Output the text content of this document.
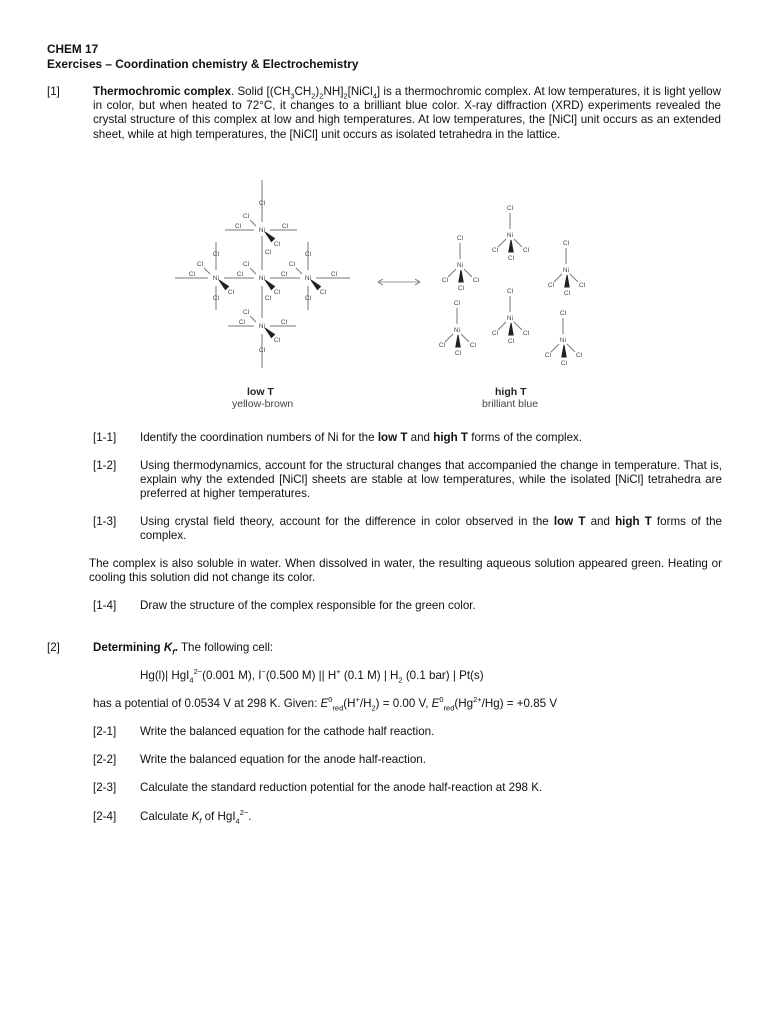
CHEM 17
Exercises – Coordination chemistry & Electrochemistry
[1]	Thermochromic complex. Solid $[(CH_3CH_2)_2NH]_2[NiCl_4]$ is a thermochromic complex. At low temperatures, it is light yellow in color, but when heated to 72°C, it changes to a brilliant blue color. X-ray diffraction (XRD) experiments revealed the crystal structure of this complex at low and high temperatures. At low temperatures, the [NiCl] unit occurs as an extended sheet, while at high temperatures, the [NiCl] unit occurs as isolated tetrahedra in the lattice.
Ni
Cl
Cl
Ni
Cl
Cl
Ni
Cl
Cl
Ni
Cl
Cl
Ni
Cl
Cl
Cl
Cl	Cl
Cl
Cl	Cl	Cl	Cl
Cl	Cl
Cl	Cl
Cl
Cl
Cl	Cl
Ni
Cl
Cl
Cl
Cl
Ni
Cl
Cl
Cl
Cl
Ni
Cl
Cl
Cl
Cl
Ni
Cl
Cl
Cl
Cl
Ni
Cl
Cl
Cl
Cl
Ni
Cl
Cl
Cl
Cl
low T
yellow-brown
high T
brilliant blue
[1-1] Identify the coordination numbers of Ni for the low T and high T forms of the complex.
[1-2] Using thermodynamics, account for the structural changes that accompanied the change in temperature. That is, explain why the extended [NiCl] sheets are stable at low temperatures, while the isolated [NiCl] tetrahedra are preferred at higher temperatures.
[1-3] Using crystal field theory, account for the difference in color observed in the low T and high T forms of the complex.
The complex is also soluble in water. When dissolved in water, the resulting aqueous solution appeared green. Heating or cooling this solution did not change its color.
[1-4] Draw the structure of the complex responsible for the green color.
[2]	Determining $K_f$. The following cell:
Hg(l)| HgI$_4^{2-}$(0.001 M), I−(0.500 M) || H+ (0.1 M) | $H_2$ (0.1 bar) | Pt(s)
has a potential of 0.0534 V at 298 K. Given: $E^0_{red}(H^+/H_2) = 0.00$ V, $E^0_{red}(Hg^{2+}/Hg) = +0.85$ V
[2-1] Write the balanced equation for the cathode half reaction.
[2-2] Write the balanced equation for the anode half-reaction.
[2-3] Calculate the standard reduction potential for the anode half-reaction at 298 K.
[2-4] Calculate $K_f$ of HgI$_4^{2-}$.
